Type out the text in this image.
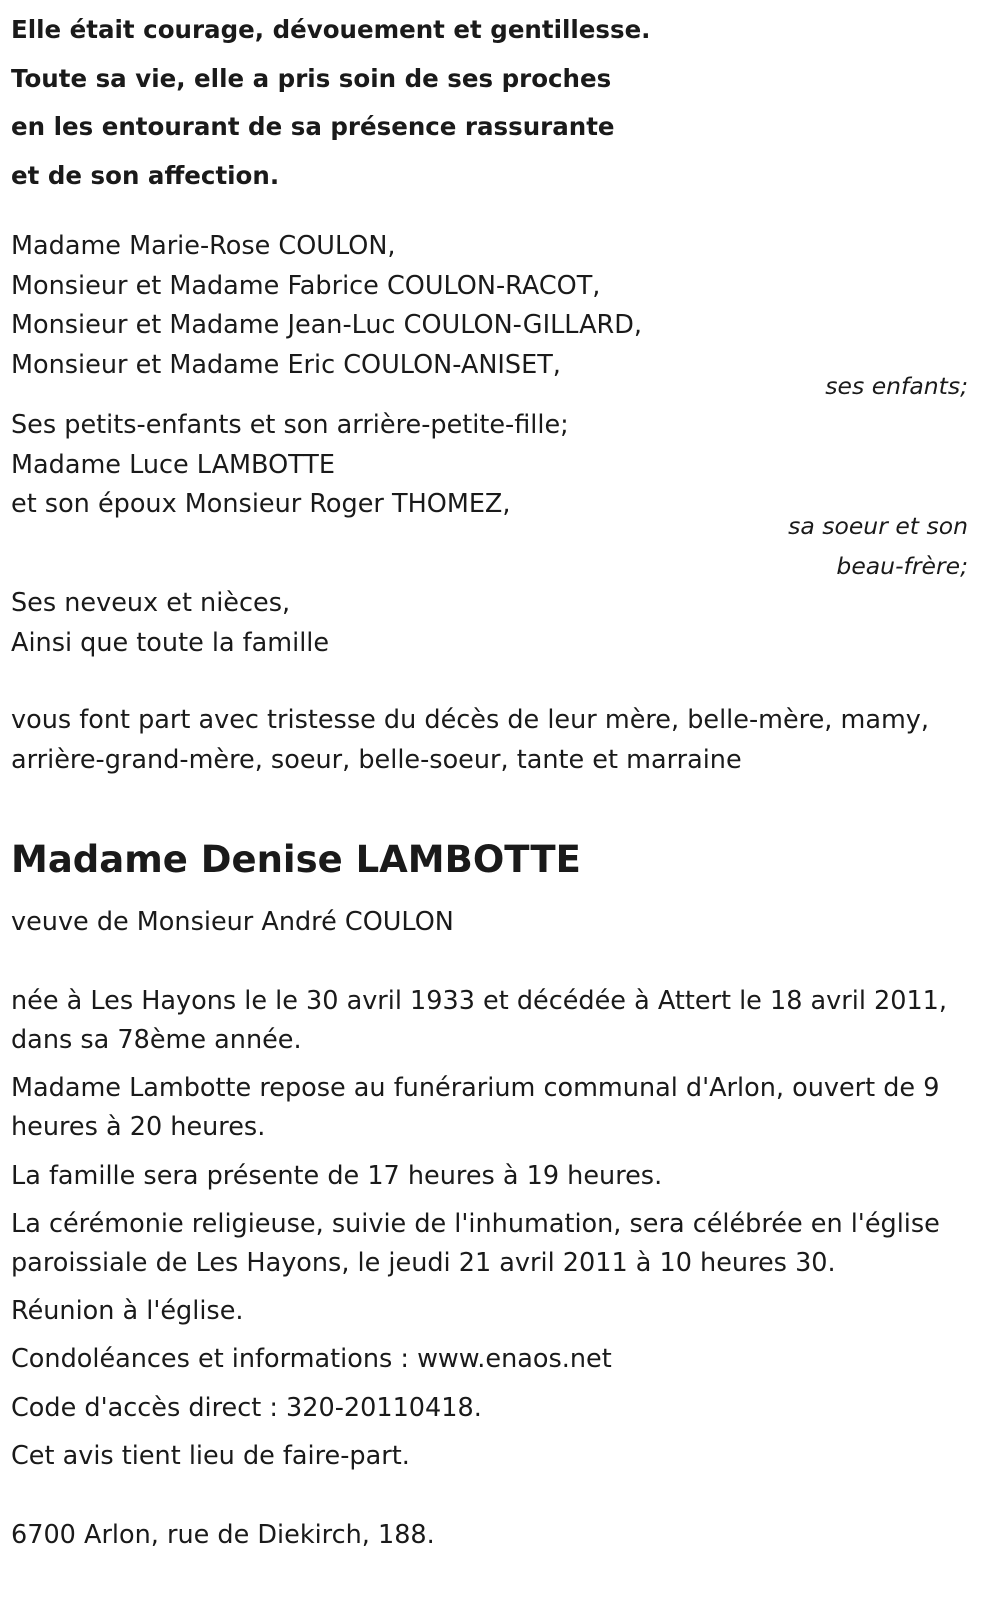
Elle était courage, dévouement et gentillesse.
Toute sa vie, elle a pris soin de ses proches
en les entourant de sa présence rassurante
et de son affection.
Madame Marie-Rose COULON,
Monsieur et Madame Fabrice COULON-RACOT,
Monsieur et Madame Jean-Luc COULON-GILLARD,
Monsieur et Madame Eric COULON-ANISET,
ses enfants;
Ses petits-enfants et son arrière-petite-fille;
Madame Luce LAMBOTTE
et son époux Monsieur Roger THOMEZ,
sa soeur et son
beau-frère;
Ses neveux et nièces,
Ainsi que toute la famille
vous font part avec tristesse du décès de leur mère, belle-mère, mamy,
arrière-grand-mère, soeur, belle-soeur, tante et marraine
Madame Denise LAMBOTTE
veuve de Monsieur André COULON
née à Les Hayons le le 30 avril 1933 et décédée à Attert le 18 avril 2011, dans sa 78ème année.
Madame Lambotte repose au funérarium communal d'Arlon, ouvert de 9 heures à 20 heures.
La famille sera présente de 17 heures à 19 heures.
La cérémonie religieuse, suivie de l'inhumation, sera célébrée en l'église paroissiale de Les Hayons, le jeudi 21 avril 2011 à 10 heures 30.
Réunion à l'église.
Condoléances et informations : www.enaos.net
Code d'accès direct : 320-20110418.
Cet avis tient lieu de faire-part.
6700 Arlon, rue de Diekirch, 188.
